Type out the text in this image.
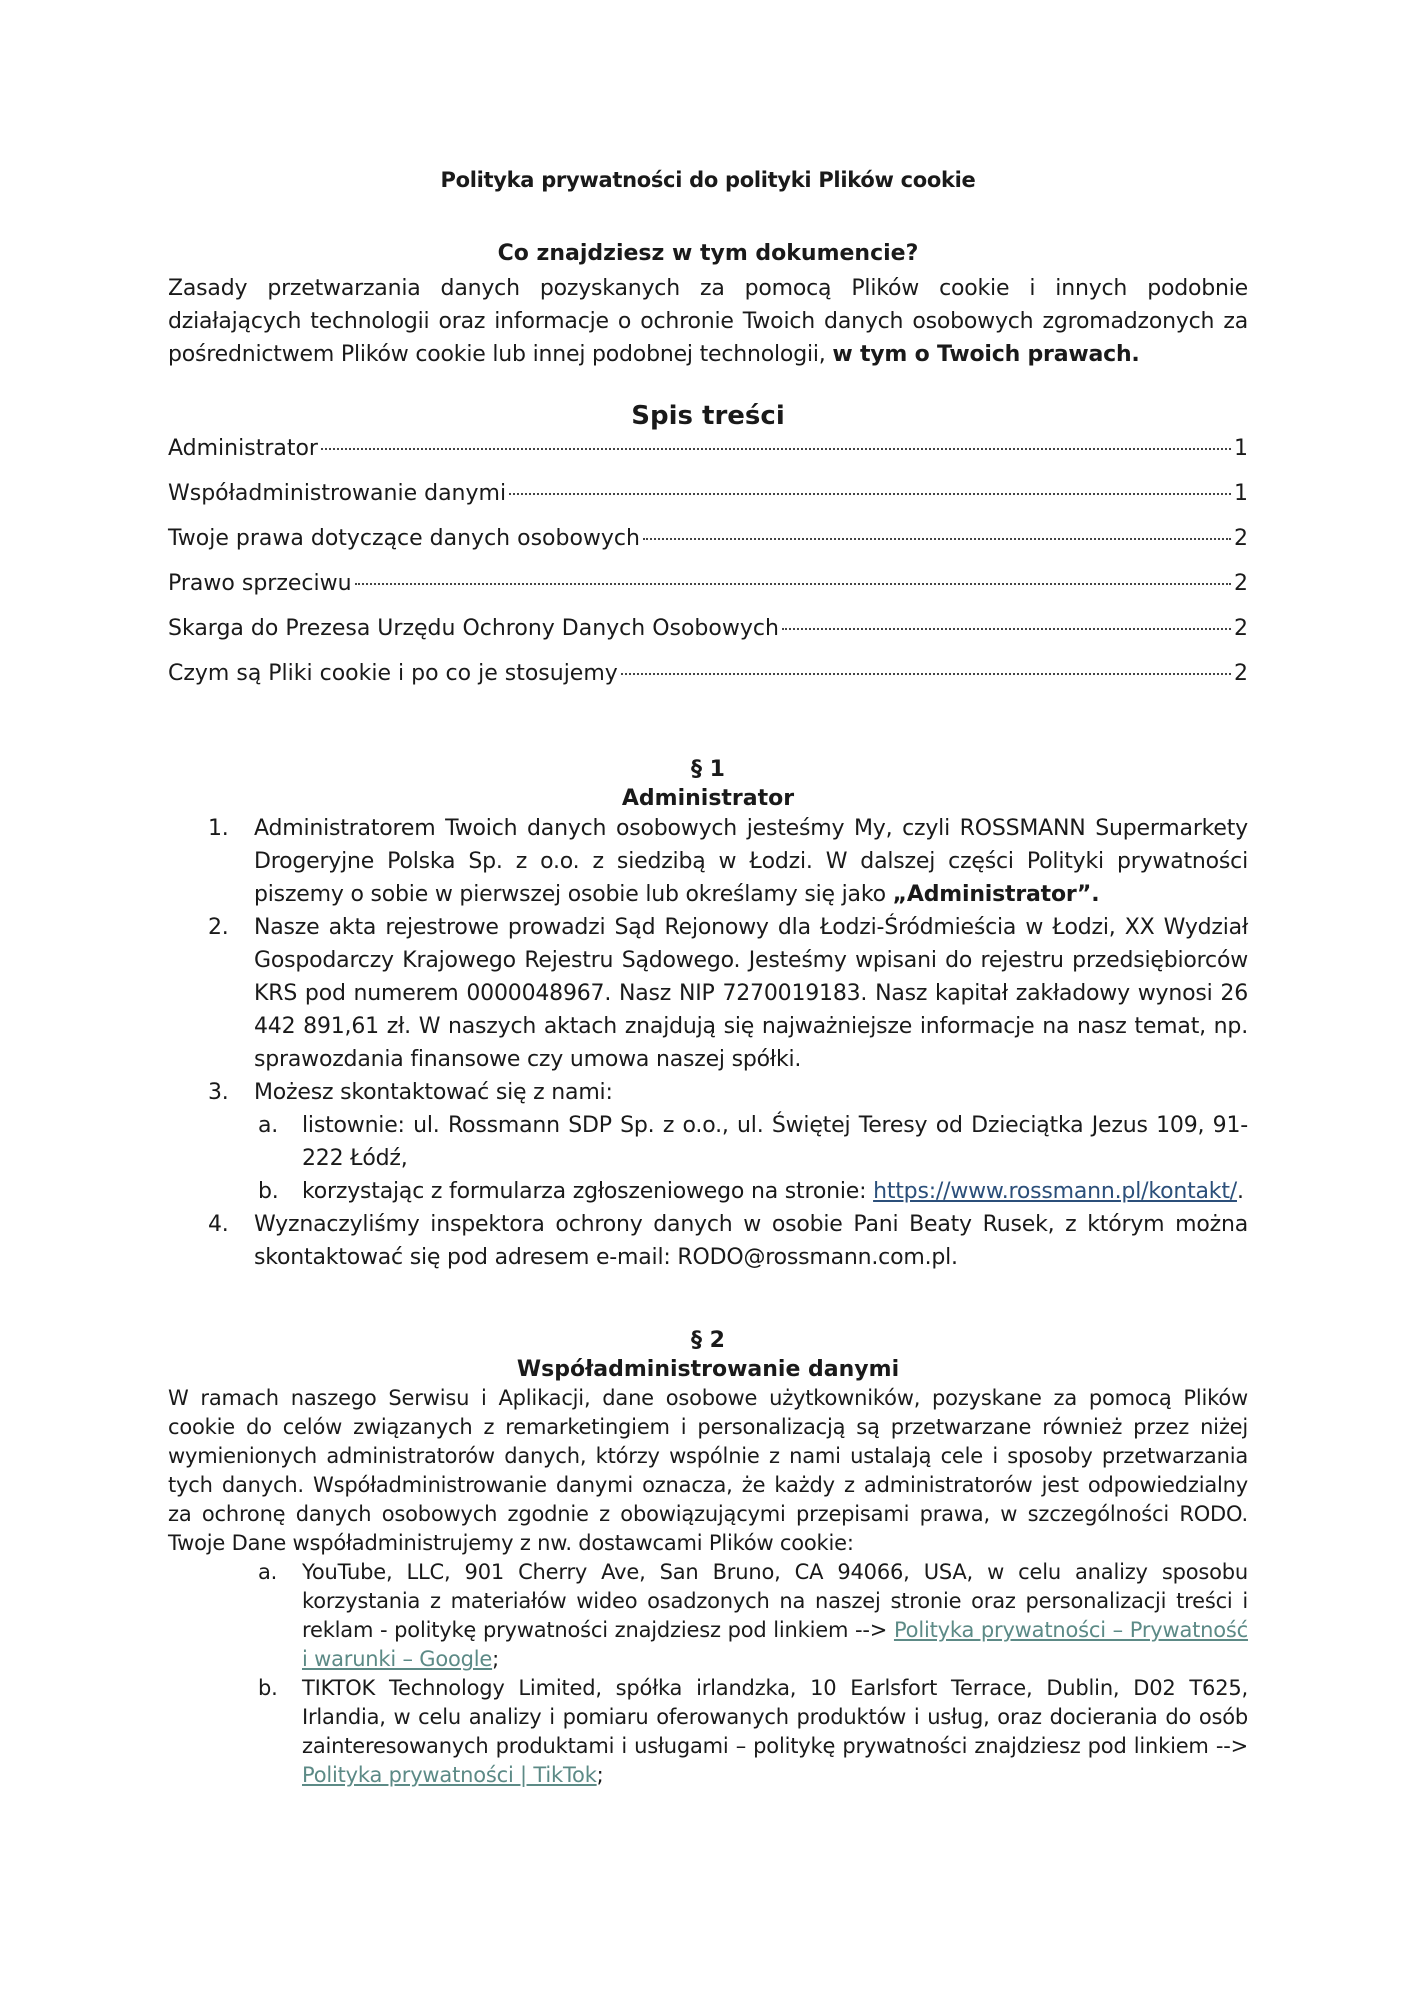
Polityka prywatności do polityki Plików cookie
Co znajdziesz w tym dokumencie?
Zasady przetwarzania danych pozyskanych za pomocą Plików cookie i innych podobnie działających technologii oraz informacje o ochronie Twoich danych osobowych zgromadzonych za pośrednictwem Plików cookie lub innej podobnej technologii, w tym o Twoich prawach.
Spis treści
Administrator	1
Współadministrowanie danymi	1
Twoje prawa dotyczące danych osobowych	2
Prawo sprzeciwu	2
Skarga do Prezesa Urzędu Ochrony Danych Osobowych	2
Czym są Pliki cookie i po co je stosujemy	2
§ 1
Administrator
1. Administratorem Twoich danych osobowych jesteśmy My, czyli ROSSMANN Supermarkety Drogeryjne Polska Sp. z o.o. z siedzibą w Łodzi. W dalszej części Polityki prywatności piszemy o sobie w pierwszej osobie lub określamy się jako „Administrator”.
2. Nasze akta rejestrowe prowadzi Sąd Rejonowy dla Łodzi-Śródmieścia w Łodzi, XX Wydział Gospodarczy Krajowego Rejestru Sądowego. Jesteśmy wpisani do rejestru przedsiębiorców KRS pod numerem 0000048967. Nasz NIP 7270019183. Nasz kapitał zakładowy wynosi 26 442 891,61 zł. W naszych aktach znajdują się najważniejsze informacje na nasz temat, np. sprawozdania finansowe czy umowa naszej spółki.
3. Możesz skontaktować się z nami:
a. listownie: ul. Rossmann SDP Sp. z o.o., ul. Świętej Teresy od Dzieciątka Jezus 109, 91-222 Łódź,
b. korzystając z formularza zgłoszeniowego na stronie: https://www.rossmann.pl/kontakt/.
4. Wyznaczyliśmy inspektora ochrony danych w osobie Pani Beaty Rusek, z którym można skontaktować się pod adresem e-mail: RODO@rossmann.com.pl.
§ 2
Współadministrowanie danymi
W ramach naszego Serwisu i Aplikacji, dane osobowe użytkowników, pozyskane za pomocą Plików cookie do celów związanych z remarketingiem i personalizacją są przetwarzane również przez niżej wymienionych administratorów danych, którzy wspólnie z nami ustalają cele i sposoby przetwarzania tych danych. Współadministrowanie danymi oznacza, że każdy z administratorów jest odpowiedzialny za ochronę danych osobowych zgodnie z obowiązującymi przepisami prawa, w szczególności RODO. Twoje Dane współadministrujemy z nw. dostawcami Plików cookie:
a. YouTube, LLC, 901 Cherry Ave, San Bruno, CA 94066, USA, w celu analizy sposobu korzystania z materiałów wideo osadzonych na naszej stronie oraz personalizacji treści i reklam - politykę prywatności znajdziesz pod linkiem --> Polityka prywatności – Prywatność i warunki – Google;
b. TIKTOK Technology Limited, spółka irlandzka, 10 Earlsfort Terrace, Dublin, D02 T625, Irlandia, w celu analizy i pomiaru oferowanych produktów i usług, oraz docierania do osób zainteresowanych produktami i usługami – politykę prywatności znajdziesz pod linkiem --> Polityka prywatności | TikTok;
